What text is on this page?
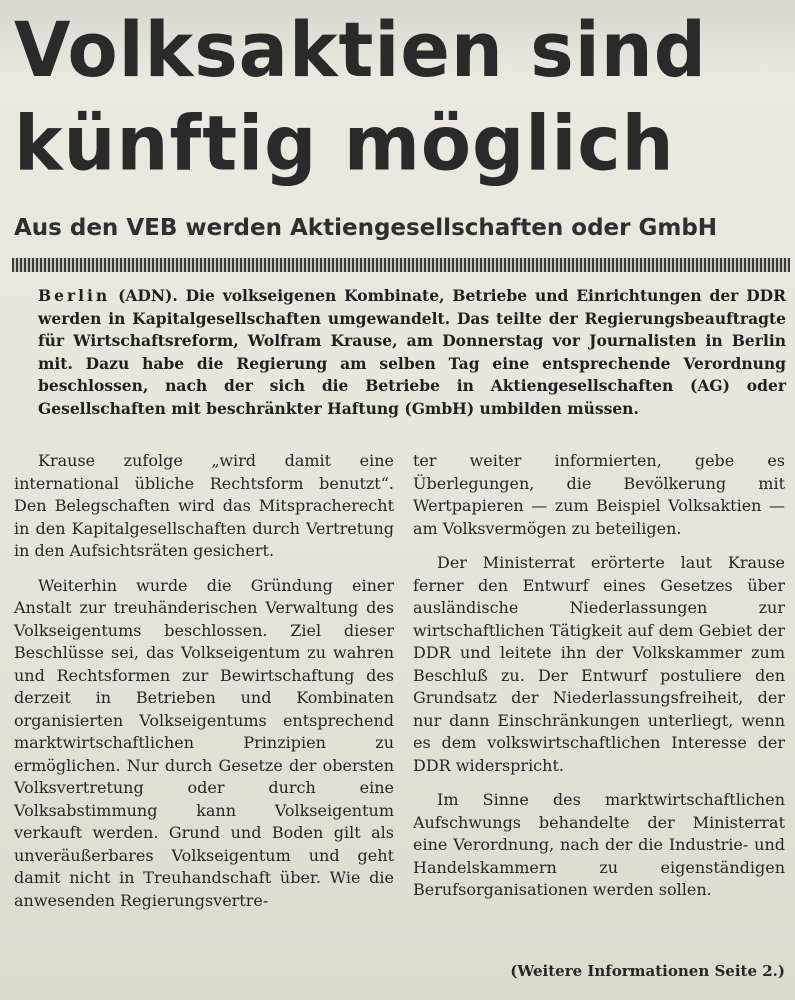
Volksaktien sind künftig möglich
Aus den VEB werden Aktiengesellschaften oder GmbH
Berlin (ADN). Die volkseigenen Kombinate, Betriebe und Einrichtungen der DDR werden in Kapitalgesellschaften umgewandelt. Das teilte der Regierungsbeauftragte für Wirtschaftsreform, Wolfram Krause, am Donnerstag vor Journalisten in Berlin mit. Dazu habe die Regierung am selben Tag eine entsprechende Verordnung beschlossen, nach der sich die Betriebe in Aktiengesellschaften (AG) oder Gesellschaften mit beschränkter Haftung (GmbH) umbilden müssen.

Krause zufolge „wird damit eine international übliche Rechtsform benutzt“. Den Belegschaften wird das Mitspracherecht in den Kapitalgesellschaften durch Vertretung in den Aufsichtsräten gesichert.

Weiterhin wurde die Gründung einer Anstalt zur treuhänderischen Verwaltung des Volkseigentums beschlossen. Ziel dieser Beschlüsse sei, das Volkseigentum zu wahren und Rechtsformen zur Bewirtschaftung des derzeit in Betrieben und Kombinaten organisierten Volkseigentums entsprechend marktwirtschaftlichen Prinzipien zu ermöglichen. Nur durch Gesetze der obersten Volksvertretung oder durch eine Volksabstimmung kann Volkseigentum verkauft werden. Grund und Boden gilt als unveräußerbares Volkseigentum und geht damit nicht in Treuhandschaft über. Wie die anwesenden Regierungsvertre-

ter weiter informierten, gebe es Überlegungen, die Bevölkerung mit Wertpapieren — zum Beispiel Volksaktien — am Volksvermögen zu beteiligen.

Der Ministerrat erörterte laut Krause ferner den Entwurf eines Gesetzes über ausländische Niederlassungen zur wirtschaftlichen Tätigkeit auf dem Gebiet der DDR und leitete ihn der Volkskammer zum Beschluß zu. Der Entwurf postuliere den Grundsatz der Niederlassungsfreiheit, der nur dann Einschränkungen unterliegt, wenn es dem volkswirtschaftlichen Interesse der DDR widerspricht.

Im Sinne des marktwirtschaftlichen Aufschwungs behandelte der Ministerrat eine Verordnung, nach der die Industrie- und Handelskammern zu eigenständigen Berufsorganisationen werden sollen.

(Weitere Informationen Seite 2.)
